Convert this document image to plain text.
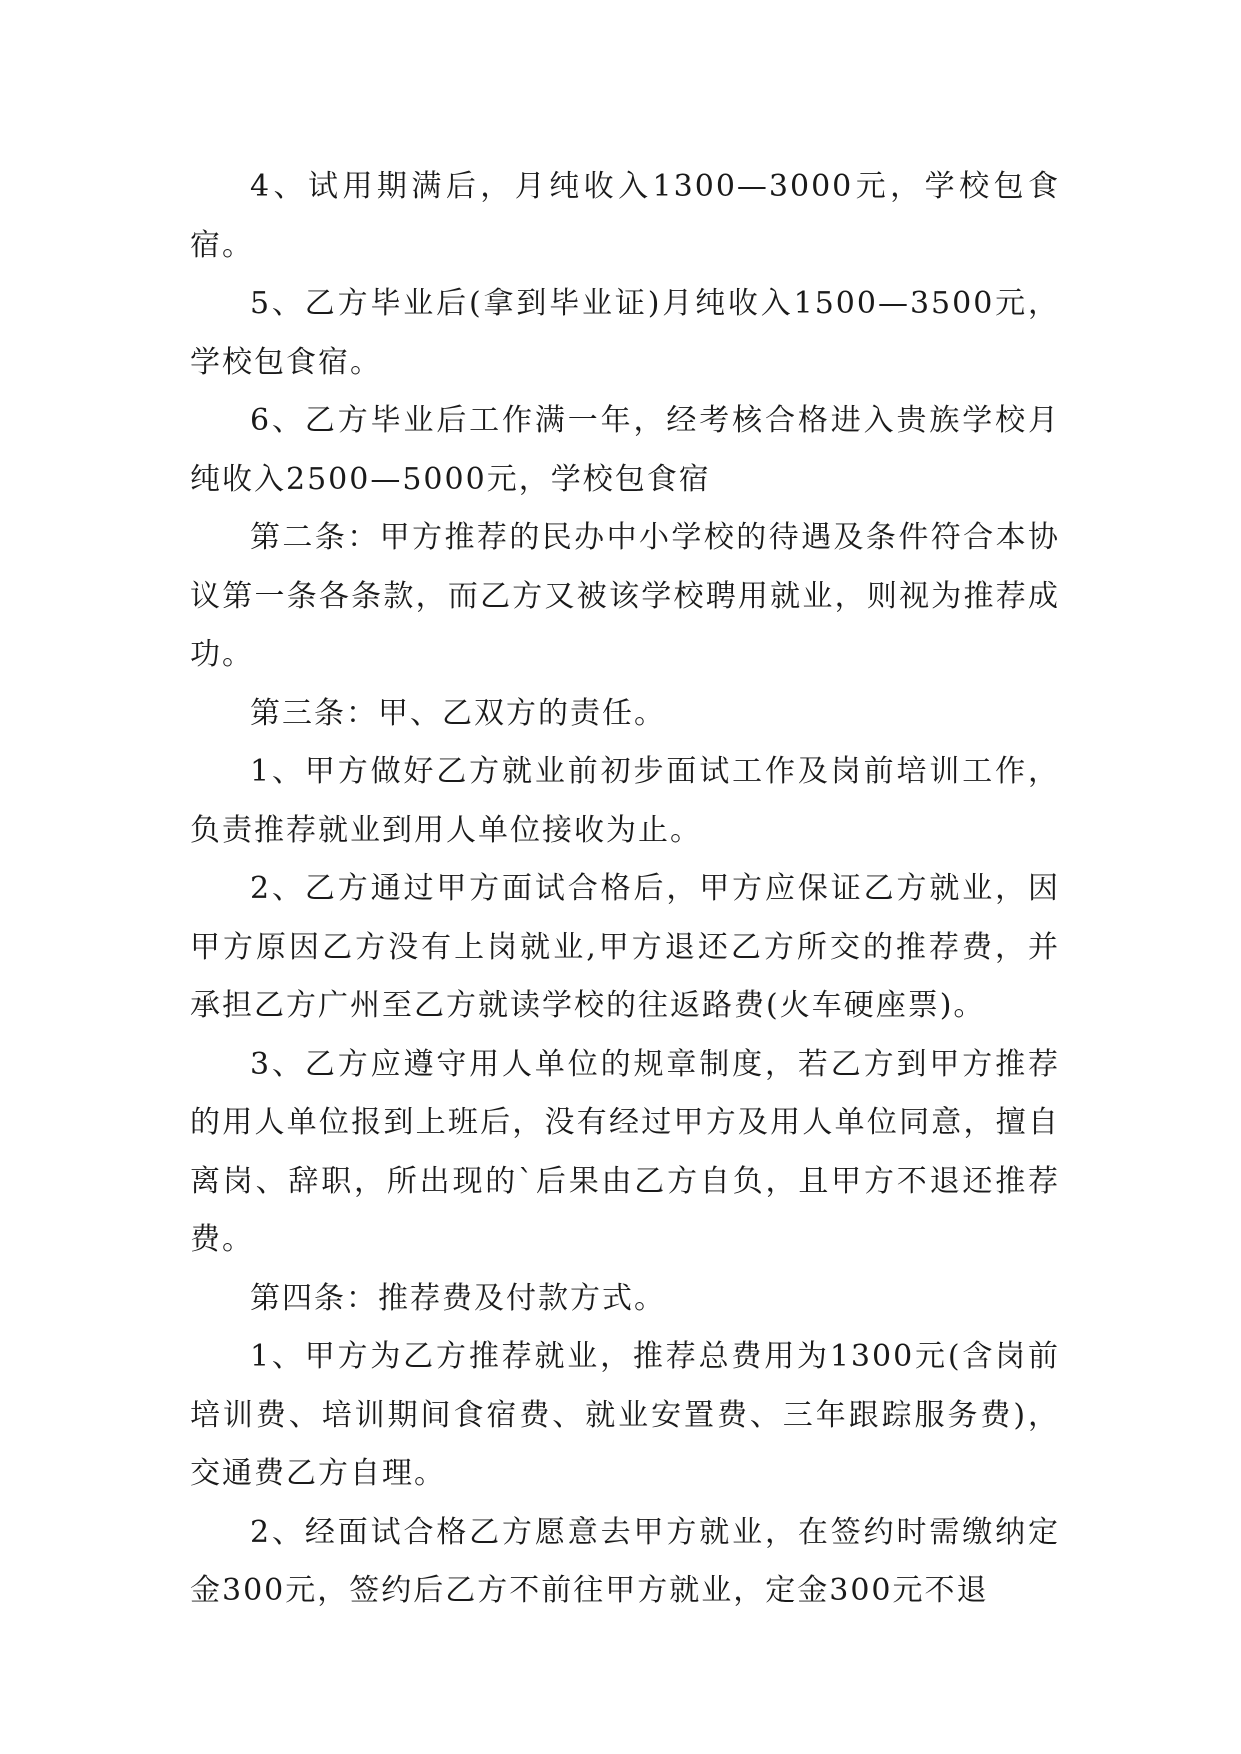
4、试用期满后，月纯收入1300—3000元，学校包食宿。

5、乙方毕业后(拿到毕业证)月纯收入1500—3500元，学校包食宿。

6、乙方毕业后工作满一年，经考核合格进入贵族学校月纯收入2500—5000元，学校包食宿

第二条：甲方推荐的民办中小学校的待遇及条件符合本协议第一条各条款，而乙方又被该学校聘用就业，则视为推荐成功。

第三条：甲、乙双方的责任。

1、甲方做好乙方就业前初步面试工作及岗前培训工作，负责推荐就业到用人单位接收为止。

2、乙方通过甲方面试合格后，甲方应保证乙方就业，因甲方原因乙方没有上岗就业,甲方退还乙方所交的推荐费，并承担乙方广州至乙方就读学校的往返路费(火车硬座票)。

3、乙方应遵守用人单位的规章制度，若乙方到甲方推荐的用人单位报到上班后，没有经过甲方及用人单位同意，擅自离岗、辞职，所出现的`后果由乙方自负，且甲方不退还推荐费。

第四条：推荐费及付款方式。

1、甲方为乙方推荐就业，推荐总费用为1300元(含岗前培训费、培训期间食宿费、就业安置费、三年跟踪服务费)，交通费乙方自理。

2、经面试合格乙方愿意去甲方就业，在签约时需缴纳定金300元，签约后乙方不前往甲方就业，定金300元不退
